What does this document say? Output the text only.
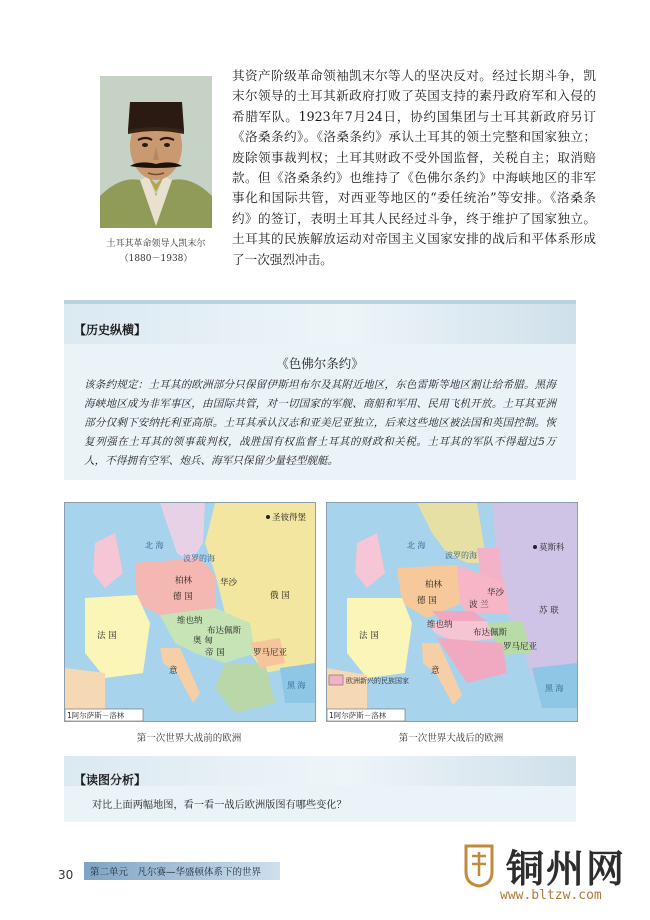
土耳其革命领导人凯末尔
（1880－1938）
其资产阶级革命领袖凯末尔等人的坚决反对。经过长期斗争，凯末尔领导的土耳其新政府打败了英国支持的素丹政府军和入侵的希腊军队。1923年7月24日，协约国集团与土耳其新政府另订《洛桑条约》。《洛桑条约》承认土耳其的领土完整和国家独立；废除领事裁判权；土耳其财政不受外国监督，关税自主；取消赔款。但《洛桑条约》也维持了《色佛尔条约》中海峡地区的非军事化和国际共管，对西亚等地区的“委任统治”等安排。《洛桑条约》的签订，表明土耳其人民经过斗争，终于维护了国家独立。土耳其的民族解放运动对帝国主义国家安排的战后和平体系形成了一次强烈冲击。
【历史纵横】
《色佛尔条约》
该条约规定：土耳其的欧洲部分只保留伊斯坦布尔及其附近地区，东色雷斯等地区割让给希腊。黑海海峡地区成为非军事区，由国际共管，对一切国家的军舰、商船和军用、民用飞机开放。土耳其亚洲部分仅剩下安纳托利亚高原。土耳其承认汉志和亚美尼亚独立，后来这些地区被法国和英国控制。恢复列强在土耳其的领事裁判权，战胜国有权监督土耳其的财政和关税。土耳其的军队不得超过5万人，不得拥有空军、炮兵、海军只保留少量轻型舰艇。
北 海
波罗的海
圣彼得堡
柏林
德 国
华沙
俄 国
法 国
维也纳
布达佩斯
奥 匈
帝 国	罗马尼亚
意
黑 海
1阿尔萨斯－洛林
第一次世界大战前的欧洲
北 海
波罗的海
莫斯科
柏林
德 国
华沙
波 兰
苏 联
法 国
维也纳
布达佩斯
罗马尼亚
意
黑 海
欧洲新兴的民族国家
1阿尔萨斯－洛林
第一次世界大战后的欧洲
【读图分析】
对比上面两幅地图，看一看一战后欧洲版图有哪些变化？
30 第二单元　凡尔赛—华盛顿体系下的世界	铜州网
www.bltzw.com
